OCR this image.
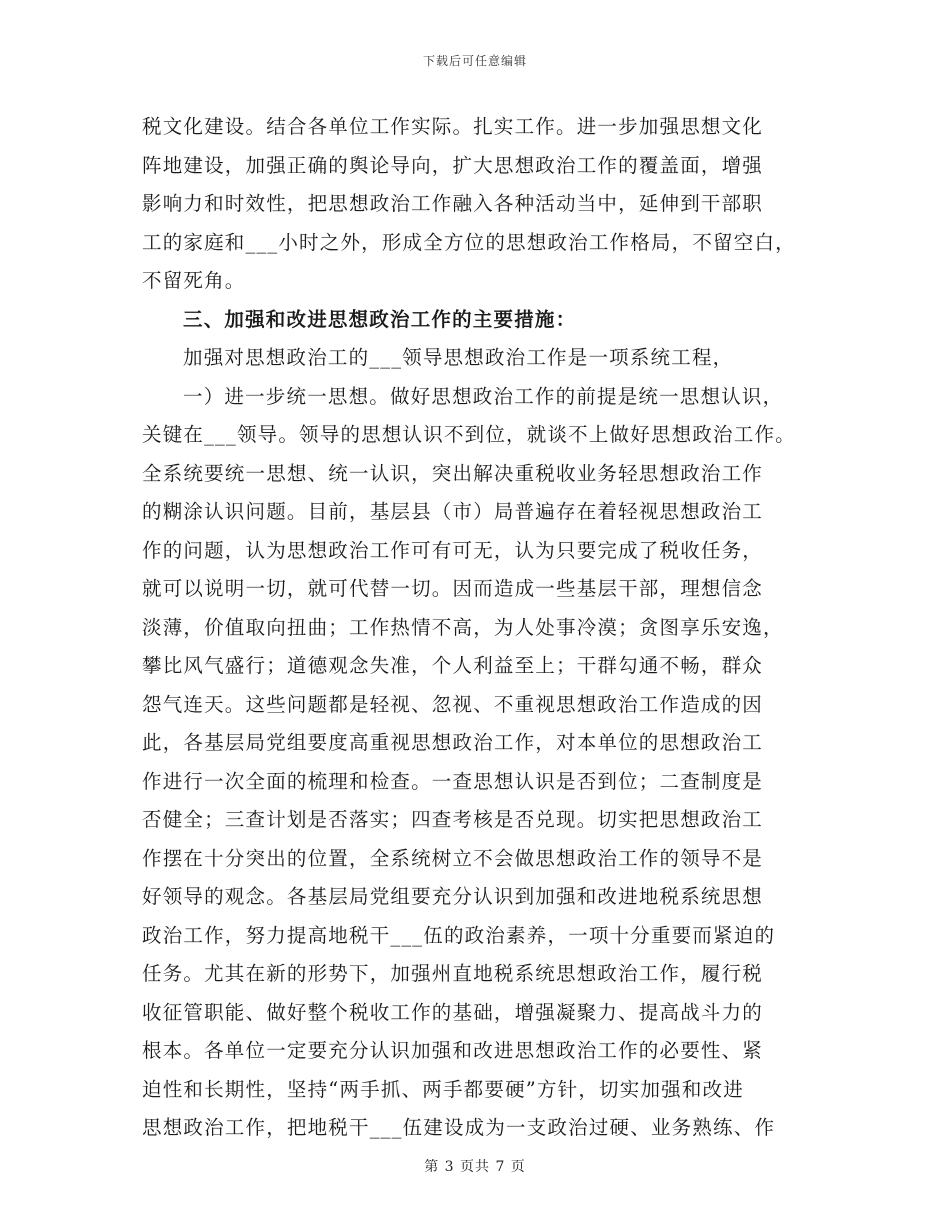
下载后可任意编辑
税文化建设。结合各单位工作实际。扎实工作。进一步加强思想文化
阵地建设，加强正确的舆论导向，扩大思想政治工作的覆盖面，增强
影响力和时效性，把思想政治工作融入各种活动当中，延伸到干部职
工的家庭和___小时之外，形成全方位的思想政治工作格局，不留空白，
不留死角。
三、加强和改进思想政治工作的主要措施：
加强对思想政治工的___领导思想政治工作是一项系统工程，
一）进一步统一思想。做好思想政治工作的前提是统一思想认识，
关键在___领导。领导的思想认识不到位，就谈不上做好思想政治工作。
全系统要统一思想、统一认识，突出解决重税收业务轻思想政治工作
的糊涂认识问题。目前，基层县（市）局普遍存在着轻视思想政治工
作的问题，认为思想政治工作可有可无，认为只要完成了税收任务，
就可以说明一切，就可代替一切。因而造成一些基层干部，理想信念
淡薄，价值取向扭曲；工作热情不高，为人处事冷漠；贪图享乐安逸，
攀比风气盛行；道德观念失准，个人利益至上；干群勾通不畅，群众
怨气连天。这些问题都是轻视、忽视、不重视思想政治工作造成的因
此，各基层局党组要度高重视思想政治工作，对本单位的思想政治工
作进行一次全面的梳理和检查。一查思想认识是否到位；二查制度是
否健全；三查计划是否落实；四查考核是否兑现。切实把思想政治工
作摆在十分突出的位置，全系统树立不会做思想政治工作的领导不是
好领导的观念。各基层局党组要充分认识到加强和改进地税系统思想
政治工作，努力提高地税干___伍的政治素养，一项十分重要而紧迫的
任务。尤其在新的形势下，加强州直地税系统思想政治工作，履行税
收征管职能、做好整个税收工作的基础，增强凝聚力、提高战斗力的
根本。各单位一定要充分认识加强和改进思想政治工作的必要性、紧
迫性和长期性，坚持“两手抓、两手都要硬”方针，切实加强和改进
思想政治工作，把地税干___伍建设成为一支政治过硬、业务熟练、作
第 3 页共 7 页
